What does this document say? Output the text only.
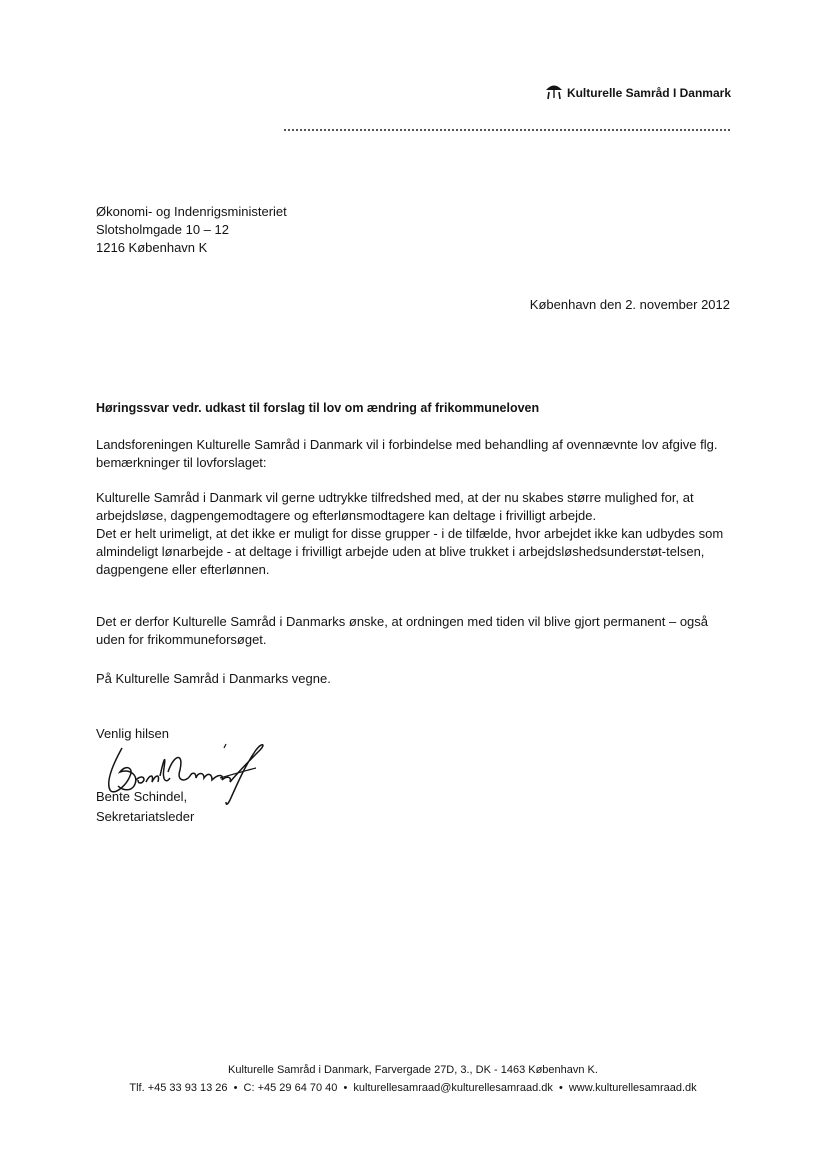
Kulturelle Samråd I Danmark
Økonomi- og Indenrigsministeriet
Slotsholmgade 10 – 12
1216 København K
København den 2. november 2012
Høringssvar vedr. udkast til forslag til lov om ændring af frikommuneloven
Landsforeningen Kulturelle Samråd i Danmark vil i forbindelse med behandling af ovennævnte lov afgive flg. bemærkninger til lovforslaget:
Kulturelle Samråd i Danmark vil gerne udtrykke tilfredshed med, at der nu skabes større mulighed for, at arbejdsløse, dagpengemodtagere og efterlønsmodtagere kan deltage i frivilligt arbejde.
Det er helt urimeligt, at det ikke er muligt for disse grupper - i de tilfælde, hvor arbejdet ikke kan udbydes som almindeligt lønarbejde - at deltage i frivilligt arbejde uden at blive trukket i arbejdsløshedsunderstøt-telsen, dagpengene eller efterlønnen.
Det er derfor Kulturelle Samråd i Danmarks ønske, at ordningen med tiden vil blive gjort permanent – også uden for frikommuneforsøget.
På Kulturelle Samråd i Danmarks vegne.
Venlig hilsen
Bente Schindel,
Sekretariatsleder
Kulturelle Samråd i Danmark, Farvergade 27D, 3., DK - 1463 København K.
Tlf. +45 33 93 13 26 • C: +45 29 64 70 40 • kulturellesamraad@kulturellesamraad.dk • www.kulturellesamraad.dk
